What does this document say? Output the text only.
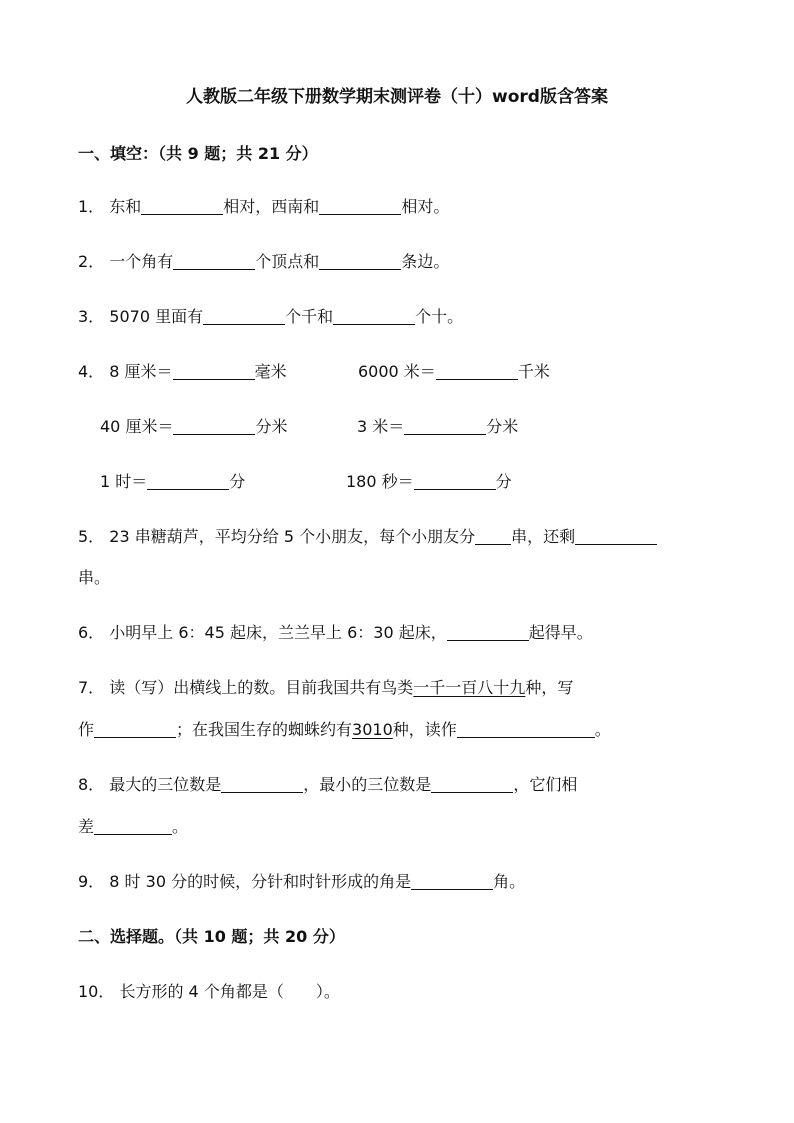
人教版二年级下册数学期末测评卷（十）word版含答案
一、填空：（共 9 题；共 21 分）
1． 东和	相对，西南和	相对。
2． 一个角有	个顶点和	条边。
3． 5070 里面有	个千和	个十。
4． 8 厘米＝	毫米	6000 米＝	千米
40 厘米＝	分米	3 米＝	分米
1 时＝	分	180 秒＝	分
5． 23 串糖葫芦，平均分给 5 个小朋友，每个小朋友分 串，还剩
串。
6． 小明早上 6：45 起床，兰兰早上 6：30 起床，	起得早。
7． 读（写）出横线上的数。目前我国共有鸟类一千一百八十九种，写
作	；在我国生存的蜘蛛约有3010种，读作	。
8． 最大的三位数是	，最小的三位数是	，它们相
差	。
9． 8 时 30 分的时候，分针和时针形成的角是	角。
二、选择题。（共 10 题；共 20 分）
10． 长方形的 4 个角都是（　　）。
